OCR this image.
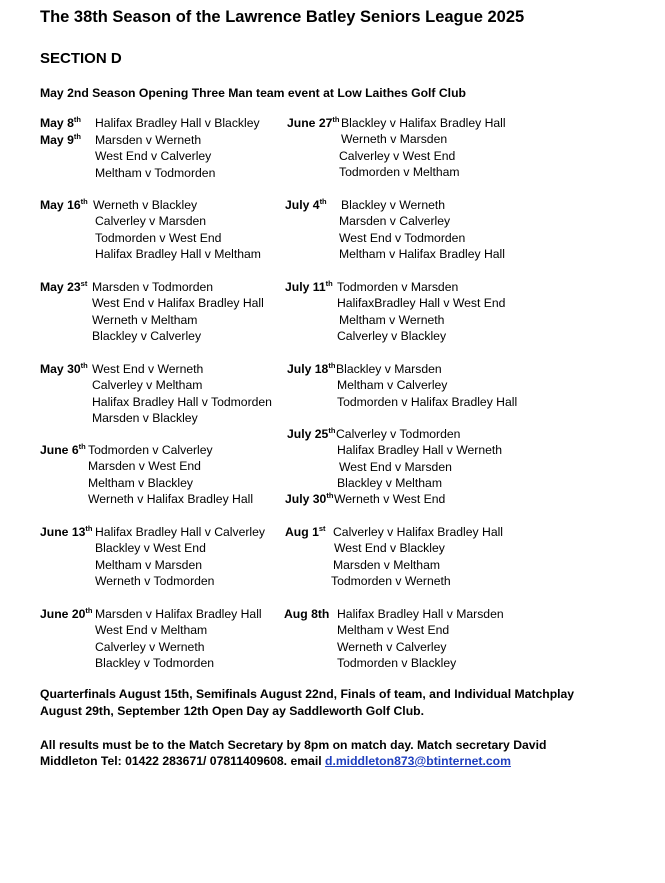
The 38th Season of the Lawrence Batley Seniors League 2025
SECTION D
May 2nd Season Opening Three Man team event at Low Laithes Golf Club
May 8th Halifax Bradley Hall v Blackley
May 9th Marsden v Werneth
West End v Calverley
Meltham v Todmorden
May 16th Werneth v Blackley
Calverley v Marsden
Todmorden v West End
Halifax Bradley Hall v Meltham
May 23st Marsden v Todmorden
West End v Halifax Bradley Hall
Werneth v Meltham
Blackley v Calverley
May 30th West End v Werneth
Calverley v Meltham
Halifax Bradley Hall v Todmorden
Marsden v Blackley
June 6th Todmorden v Calverley
Marsden v West End
Meltham v Blackley
Werneth v Halifax Bradley Hall
June 13th Halifax Bradley Hall v Calverley
Blackley v West End
Meltham v Marsden
Werneth v Todmorden
June 20th Marsden v Halifax Bradley Hall
West End v Meltham
Calverley v Werneth
Blackley v Todmorden
June 27th Blackley v Halifax Bradley Hall
Werneth v Marsden
Calverley v West End
Todmorden v Meltham
July 4th Blackley v Werneth
Marsden v Calverley
West End v Todmorden
Meltham v Halifax Bradley Hall
July 11th Todmorden v Marsden
HalifaxBradley Hall v West End
Meltham v Werneth
Calverley v Blackley
July 18th Blackley v Marsden
Meltham v Calverley
Todmorden v Halifax Bradley Hall
July 25th Calverley v Todmorden
Halifax Bradley Hall v Werneth
West End v Marsden
Blackley v Meltham
July 30th Werneth v West End
Aug 1st Calverley v Halifax Bradley Hall
West End v Blackley
Marsden v Meltham
Todmorden v Werneth
Aug 8th Halifax Bradley Hall v Marsden
Meltham v West End
Werneth v Calverley
Todmorden v Blackley
Quarterfinals August 15th, Semifinals August 22nd, Finals of team, and Individual Matchplay
August 29th, September 12th Open Day ay Saddleworth Golf Club.
All results must be to the Match Secretary by 8pm on match day. Match secretary David
Middleton Tel: 01422 283671/ 07811409608. email d.middleton873@btinternet.com
